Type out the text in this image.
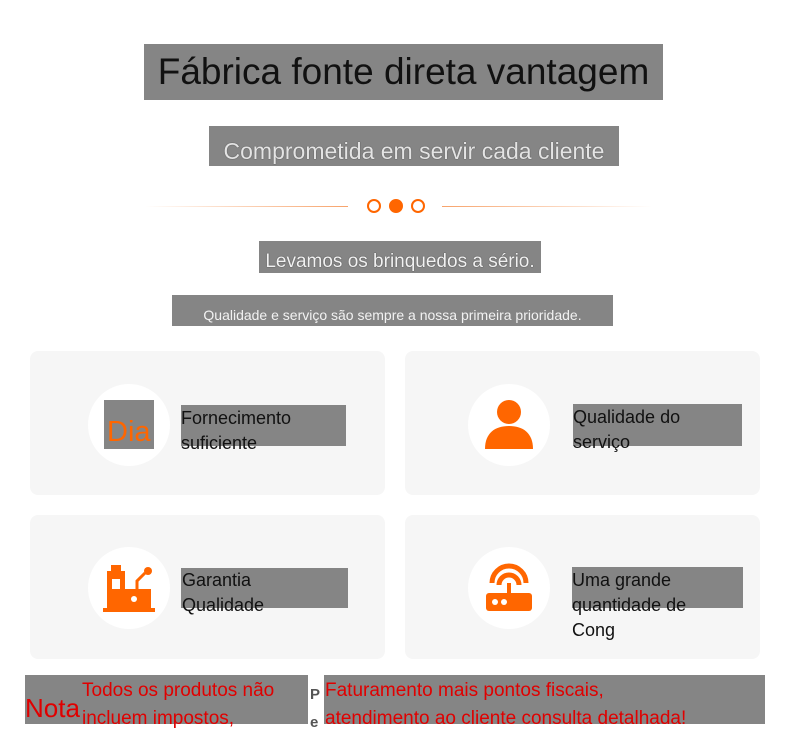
Fábrica fonte direta vantagem
Comprometida em servir cada cliente
Levamos os brinquedos a sério.
Qualidade e serviço são sempre a nossa primeira prioridade.
Dia Fornecimento
suficiente
Qualidade do
serviço
Garantia
Qualidade
Uma grande
quantidade de
Cong
Nota
Todos os produtos não
incluem impostos,
P
e
Faturamento mais pontos fiscais,
atendimento ao cliente consulta detalhada!
